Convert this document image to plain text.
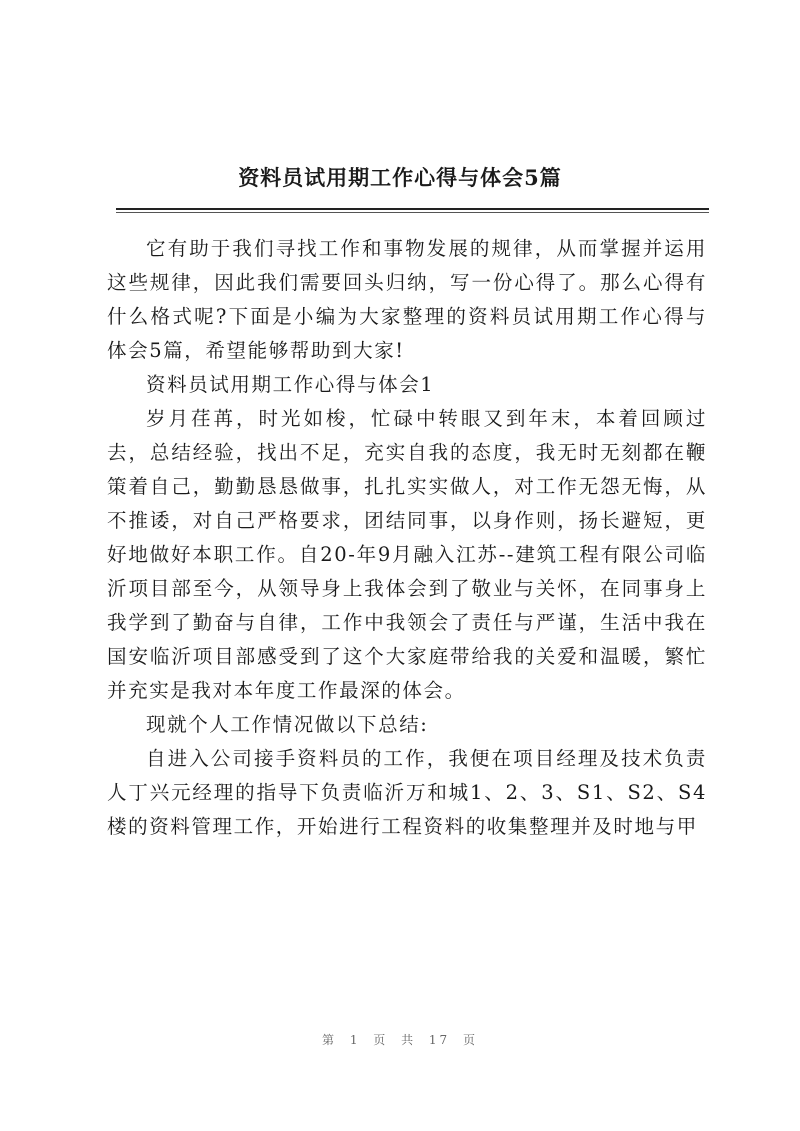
资料员试用期工作心得与体会5篇

它有助于我们寻找工作和事物发展的规律，从而掌握并运用这些规律，因此我们需要回头归纳，写一份心得了。那么心得有什么格式呢?下面是小编为大家整理的资料员试用期工作心得与体会5篇，希望能够帮助到大家!

资料员试用期工作心得与体会1

岁月荏苒，时光如梭，忙碌中转眼又到年末，本着回顾过去，总结经验，找出不足，充实自我的态度，我无时无刻都在鞭策着自己，勤勤恳恳做事，扎扎实实做人，对工作无怨无悔，从不推诿，对自己严格要求，团结同事，以身作则，扬长避短，更好地做好本职工作。自20-年9月融入江苏--建筑工程有限公司临沂项目部至今，从领导身上我体会到了敬业与关怀，在同事身上我学到了勤奋与自律，工作中我领会了责任与严谨，生活中我在国安临沂项目部感受到了这个大家庭带给我的关爱和温暖，繁忙并充实是我对本年度工作最深的体会。

现就个人工作情况做以下总结:

自进入公司接手资料员的工作，我便在项目经理及技术负责人丁兴元经理的指导下负责临沂万和城1、2、3、S1、S2、S4楼的资料管理工作，开始进行工程资料的收集整理并及时地与甲

第 1 页 共 17 页
